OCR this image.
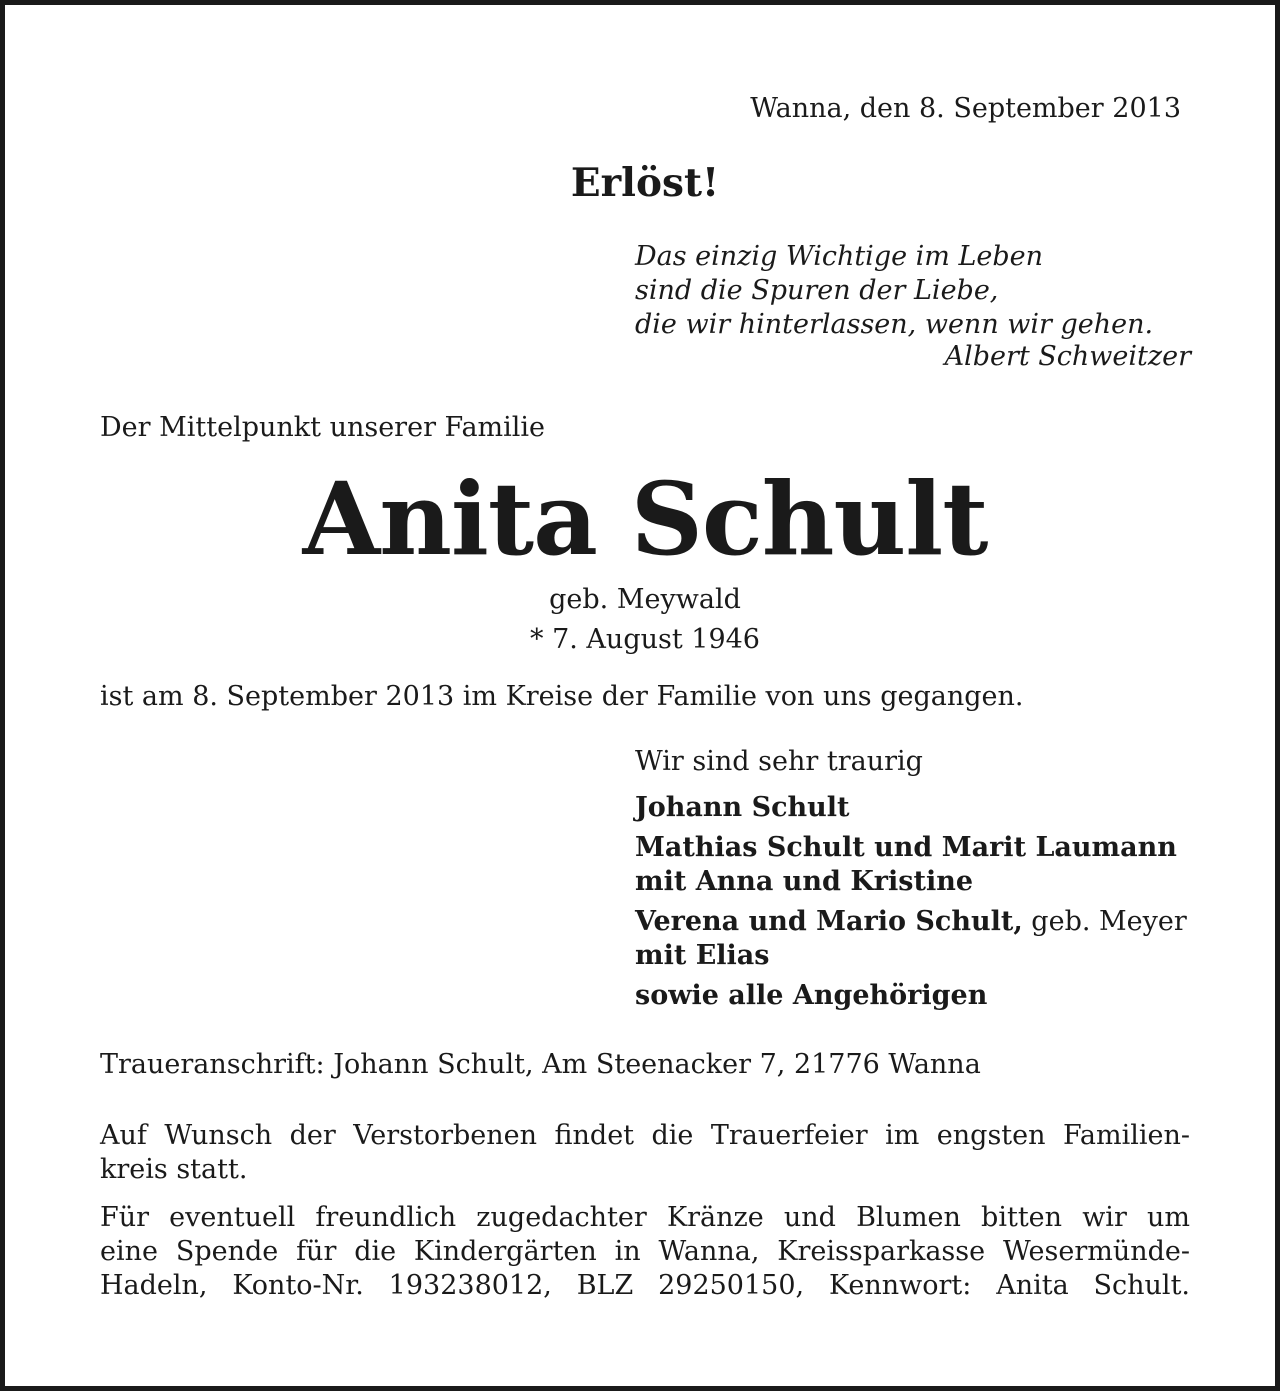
Wanna, den 8. September 2013

Erlöst!

Das einzig Wichtige im Leben
sind die Spuren der Liebe,
die wir hinterlassen, wenn wir gehen.
Albert Schweitzer

Der Mittelpunkt unserer Familie

Anita Schult

geb. Meywald

* 7. August 1946

ist am 8. September 2013 im Kreise der Familie von uns gegangen.

Wir sind sehr traurig
Johann Schult
Mathias Schult und Marit Laumann
mit Anna und Kristine
Verena und Mario Schult, geb. Meyer
mit Elias
sowie alle Angehörigen

Traueranschrift: Johann Schult, Am Steenacker 7, 21776 Wanna

Auf Wunsch der Verstorbenen findet die Trauerfeier im engsten Familien-
kreis statt.
Für eventuell freundlich zugedachter Kränze und Blumen bitten wir um
eine Spende für die Kindergärten in Wanna, Kreissparkasse Wesermünde-
Hadeln, Konto-Nr. 193238012, BLZ 29250150, Kennwort: Anita Schult.
